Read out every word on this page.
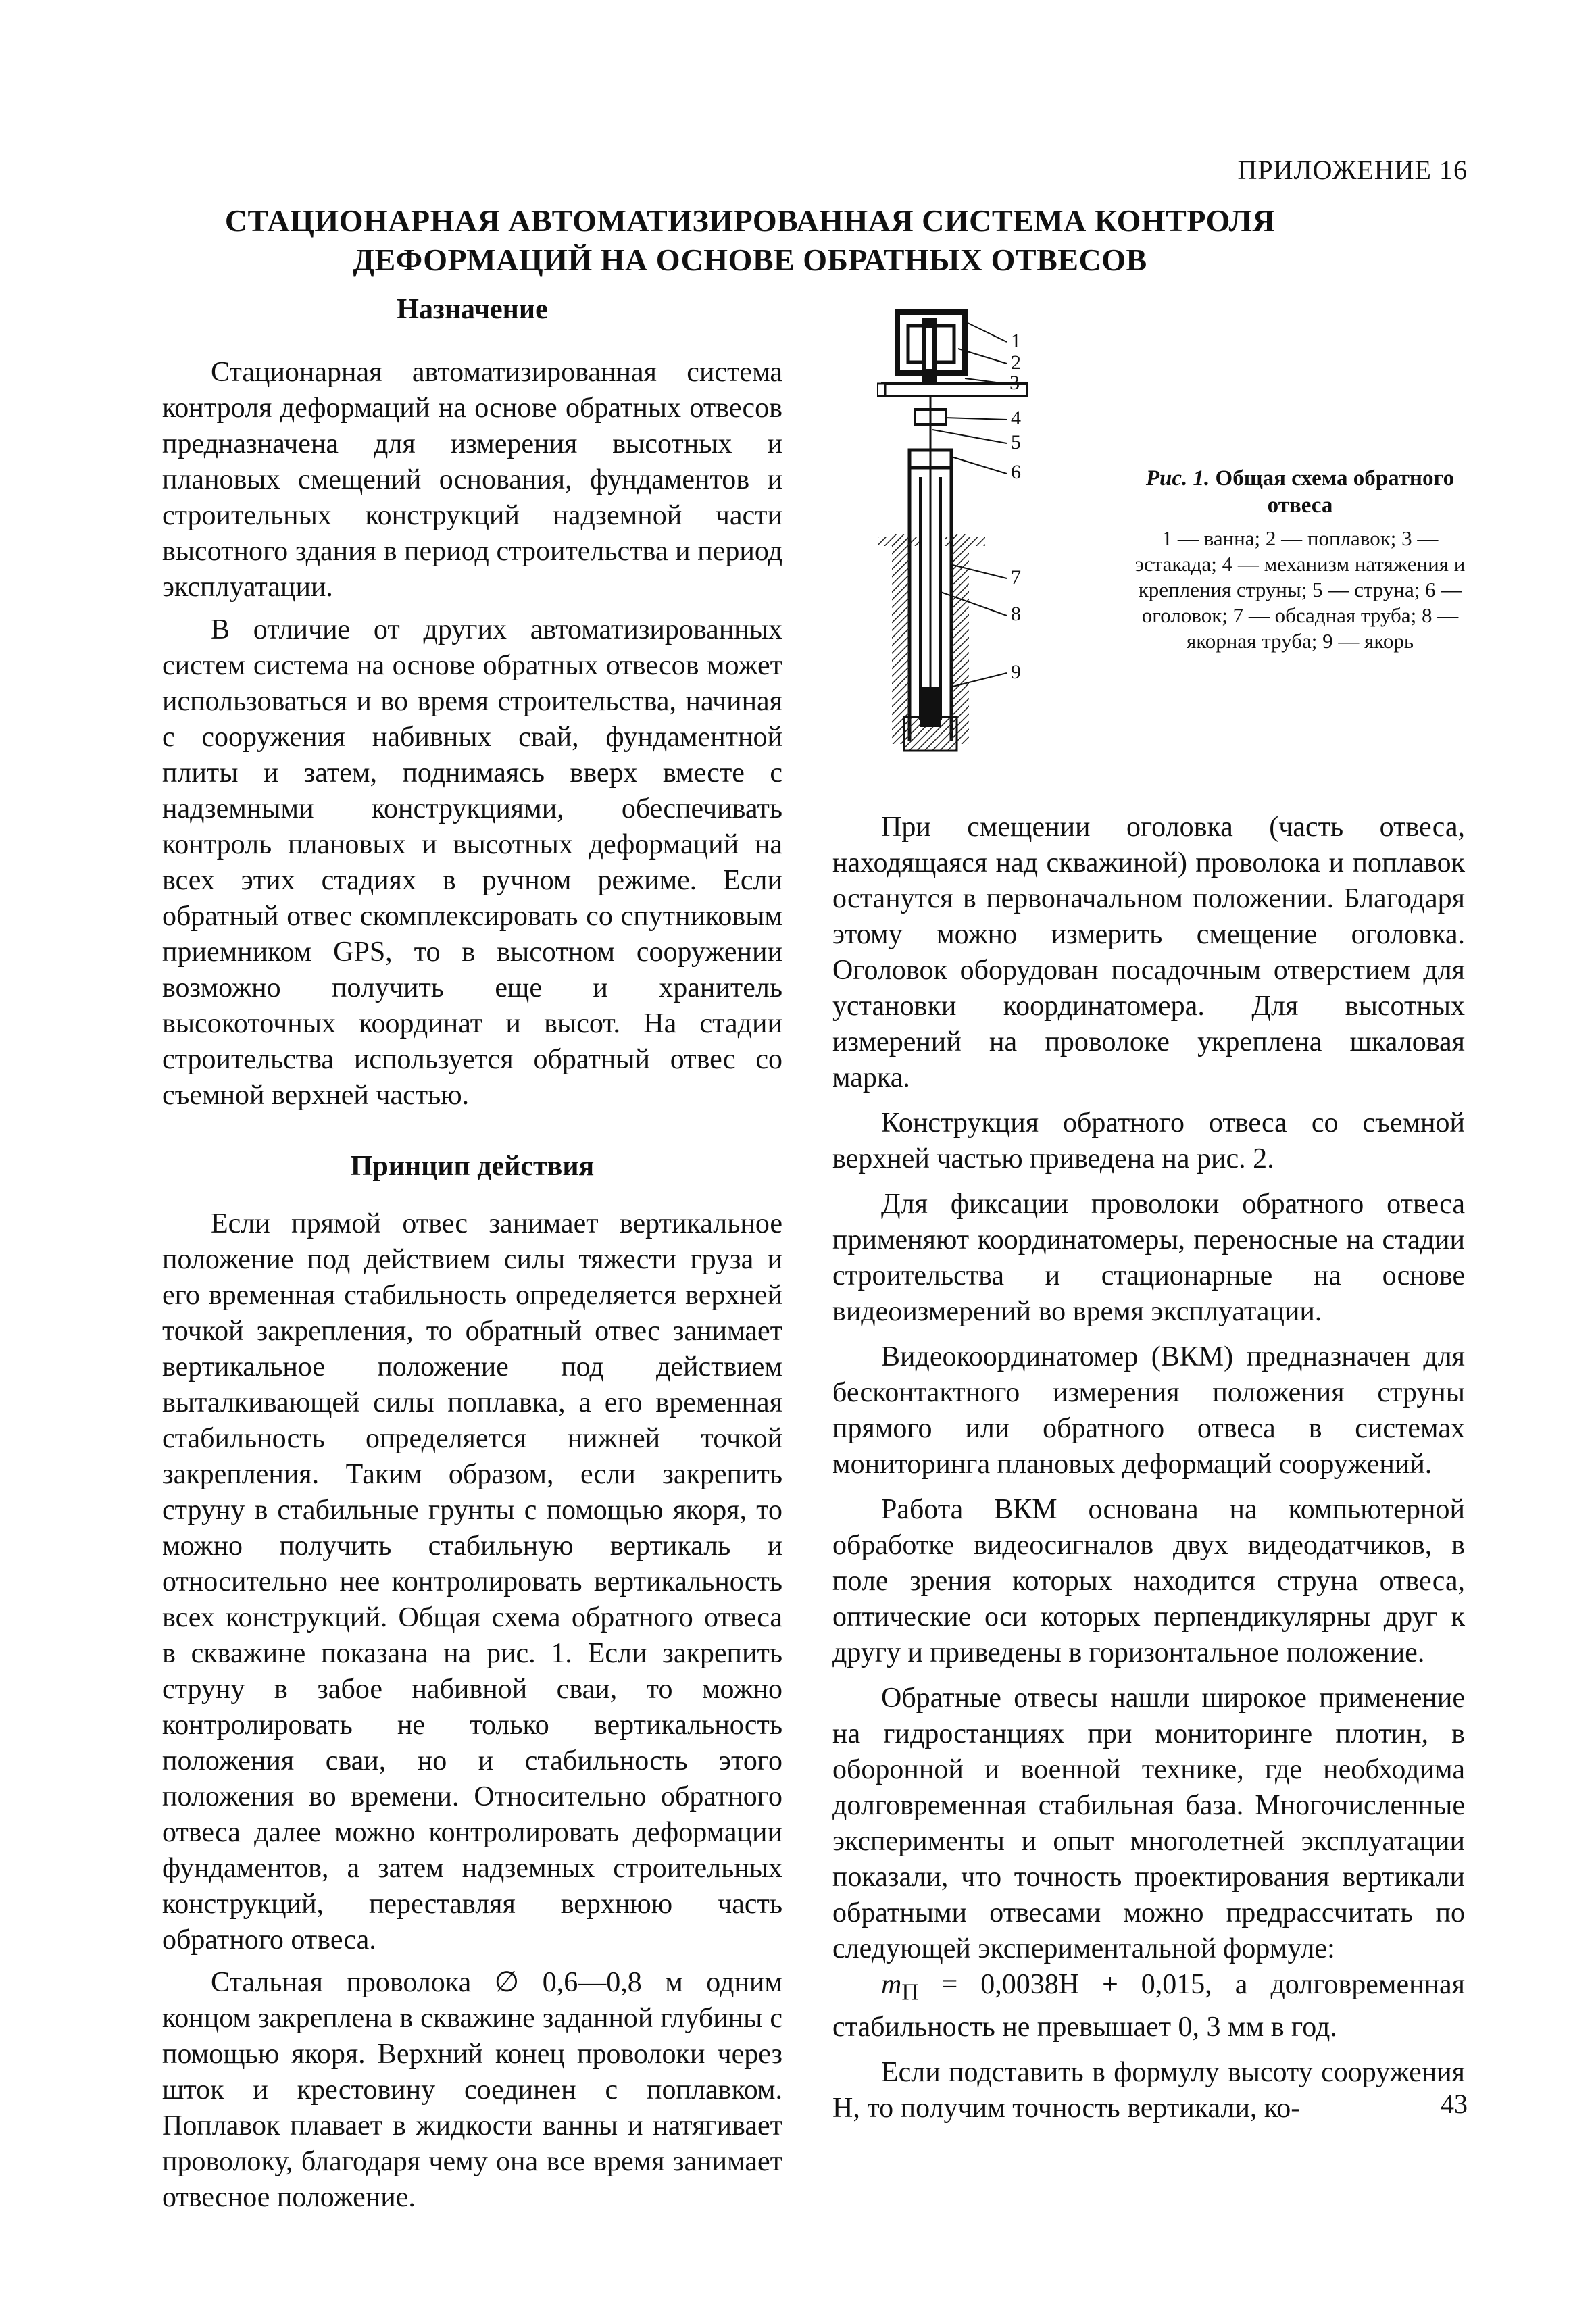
ПРИЛОЖЕНИЕ 16
СТАЦИОНАРНАЯ АВТОМАТИЗИРОВАННАЯ СИСТЕМА КОНТРОЛЯ
ДЕФОРМАЦИЙ НА ОСНОВЕ ОБРАТНЫХ ОТВЕСОВ
Назначение

Стационарная автоматизированная система контроля деформаций на основе обратных отвесов предназначена для измерения высотных и плановых смещений основания, фундаментов и строительных конструкций надземной части высотного здания в период строительства и период эксплуатации.

В отличие от других автоматизированных систем система на основе обратных отвесов может использоваться и во время строительства, начиная с сооружения набивных свай, фундаментной плиты и затем, поднимаясь вверх вместе с надземными конструкциями, обеспечивать контроль плановых и высотных деформаций на всех этих стадиях в ручном режиме. Если обратный отвес скомплексировать со спутниковым приемником GPS, то в высотном сооружении возможно получить еще и хранитель высокоточных координат и высот. На стадии строительства используется обратный отвес со съемной верхней частью.

Принцип действия

Если прямой отвес занимает вертикальное положение под действием силы тяжести груза и его временная стабильность определяется верхней точкой закрепления, то обратный отвес занимает вертикальное положение под действием выталкивающей силы поплавка, а его временная стабильность определяется нижней точкой закрепления. Таким образом, если закрепить струну в стабильные грунты с помощью якоря, то можно получить стабильную вертикаль и относительно нее контролировать вертикальность всех конструкций. Общая схема обратного отвеса в скважине показана на рис. 1. Если закрепить струну в забое набивной сваи, то можно контролировать не только вертикальность положения сваи, но и стабильность этого положения во времени. Относительно обратного отвеса далее можно контролировать деформации фундаментов, а затем надземных строительных конструкций, переставляя верхнюю часть обратного отвеса.

Стальная проволока ∅ 0,6—0,8 м одним концом закреплена в скважине заданной глубины с помощью якоря. Верхний конец проволоки через шток и крестовину соединен с поплавком. Поплавок плавает в жидкости ванны и натягивает проволоку, благодаря чему она все время занимает отвесное положение.

1
2
3
4
5
6
7
8
9
Рис. 1. Общая схема обратного отвеса
1 — ванна; 2 — поплавок; 3 — эстакада; 4 — механизм натяжения и крепления струны; 5 — струна; 6 — оголовок; 7 — обсадная труба; 8 — якорная труба; 9 — якорь

При смещении оголовка (часть отвеса, находящаяся над скважиной) проволока и поплавок останутся в первоначальном положении. Благодаря этому можно измерить смещение оголовка. Оголовок оборудован посадочным отверстием для установки координатомера. Для высотных измерений на проволоке укреплена шкаловая марка.

Конструкция обратного отвеса со съемной верхней частью приведена на рис. 2.

Для фиксации проволоки обратного отвеса применяют координатомеры, переносные на стадии строительства и стационарные на основе видеоизмерений во время эксплуатации.

Видеокоординатомер (ВКМ) предназначен для бесконтактного измерения положения струны прямого или обратного отвеса в системах мониторинга плановых деформаций сооружений.

Работа ВКМ основана на компьютерной обработке видеосигналов двух видеодатчиков, в поле зрения которых находится струна отвеса, оптические оси которых перпендикулярны друг к другу и приведены в горизонтальное положение.

Обратные отвесы нашли широкое применение на гидростанциях при мониторинге плотин, в оборонной и военной технике, где необходима долговременная стабильная база. Многочисленные эксперименты и опыт многолетней эксплуатации показали, что точность проектирования вертикали обратными отвесами можно предрассчитать по следующей экспериментальной формуле:

$m_П = 0,0038H + 0,015$, а долговременная стабильность не превышает 0, 3 мм в год.

Если подставить в формулу высоту сооружения H, то получим точность вертикали, ко-	43
